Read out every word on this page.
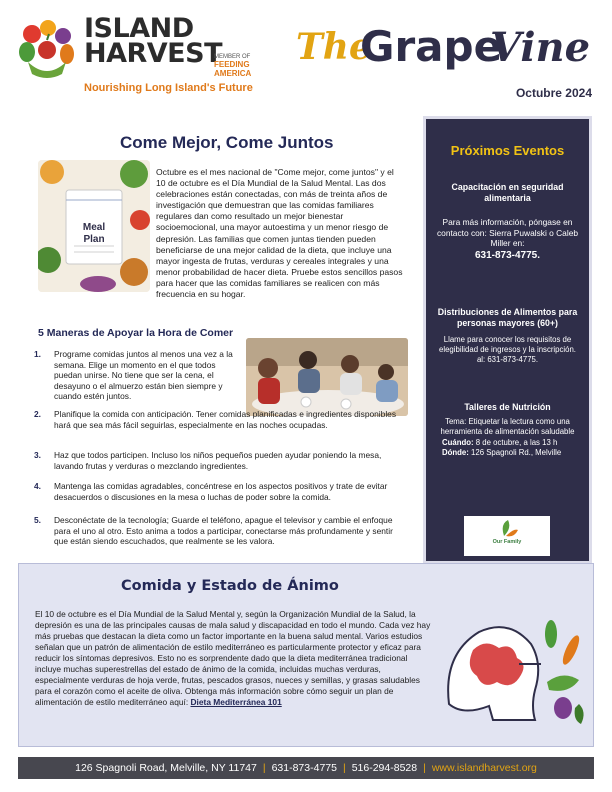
ISLAND
HARVEST
MEMBER OF
FEEDING
AMERICA
Nourishing Long Island's Future
The
Grape
Vine
Octubre 2024
Come Mejor, Come Juntos
Meal
Plan
Octubre es el mes nacional de "Come mejor, come juntos" y el 10 de octubre es el Día Mundial de la Salud Mental. Las dos celebraciones están conectadas, con más de treinta años de investigación que demuestran que las comidas familiares regulares dan como resultado un mejor bienestar socioemocional, una mayor autoestima y un menor riesgo de depresión. Las familias que comen juntas tienden pueden beneficiarse de una mejor calidad de la dieta, que incluye una mayor ingesta de frutas, verduras y cereales integrales y una menor probabilidad de hacer dieta. Pruebe estos sencillos pasos para hacer que las comidas familiares se realicen con más frecuencia en su hogar.
5 Maneras de Apoyar la Hora de Comer
1. Programe comidas juntos al menos una vez a la semana. Elige un momento en el que todos puedan unirse. No tiene que ser la cena, el desayuno o el almuerzo están bien siempre y cuando estén juntos.
2. Planifique la comida con anticipación. Tener comidas planificadas e ingredientes disponibles hará que sea más fácil seguirlas, especialmente en las noches ocupadas.
3. Haz que todos participen. Incluso los niños pequeños pueden ayudar poniendo la mesa, lavando frutas y verduras o mezclando ingredientes.
4. Mantenga las comidas agradables, concéntrese en los aspectos positivos y trate de evitar desacuerdos o discusiones en la mesa o luchas de poder sobre la comida.
5. Desconéctate de la tecnología; Guarde el teléfono, apague el televisor y cambie el enfoque para el uno al otro. Esto anima a todos a participar, conectarse más profundamente y sentir que están siendo escuchados, que realmente se les valora.
Próximos Eventos
Capacitación en seguridad alimentaria
Para más información, póngase en contacto con: Sierra Puwalski o Caleb Miller en:
631-873-4775.
Distribuciones de Alimentos para personas mayores (60+)
Llame para conocer los requisitos de elegibilidad de ingresos y la inscripción.
al: 631-873-4775.
Talleres de Nutrición
Tema: Etiquetar la lectura como una herramienta de alimentación saludable
Cuándo: 8 de octubre, a las 13 h
Dónde: 126 Spagnoli Rd., Melville
Our Family
Comida y Estado de Ánimo
El 10 de octubre es el Día Mundial de la Salud Mental y, según la Organización Mundial de la Salud, la depresión es una de las principales causas de mala salud y discapacidad en todo el mundo. Cada vez hay más pruebas que destacan la dieta como un factor importante en la buena salud mental. Varios estudios señalan que un patrón de alimentación de estilo mediterráneo es particularmente protector y eficaz para reducir los síntomas depresivos. Esto no es sorprendente dado que la dieta mediterránea tradicional incluye muchas superestrellas del estado de ánimo de la comida, incluidas muchas verduras, especialmente verduras de hoja verde, frutas, pescados grasos, nueces y semillas, y grasas saludables para el corazón como el aceite de oliva. Obtenga más información sobre cómo seguir un plan de alimentación de estilo mediterráneo aquí: Dieta Mediterránea 101
126 Spagnoli Road, Melville, NY 11747 | 631-873-4775 | 516-294-8528 | www.islandharvest.org
